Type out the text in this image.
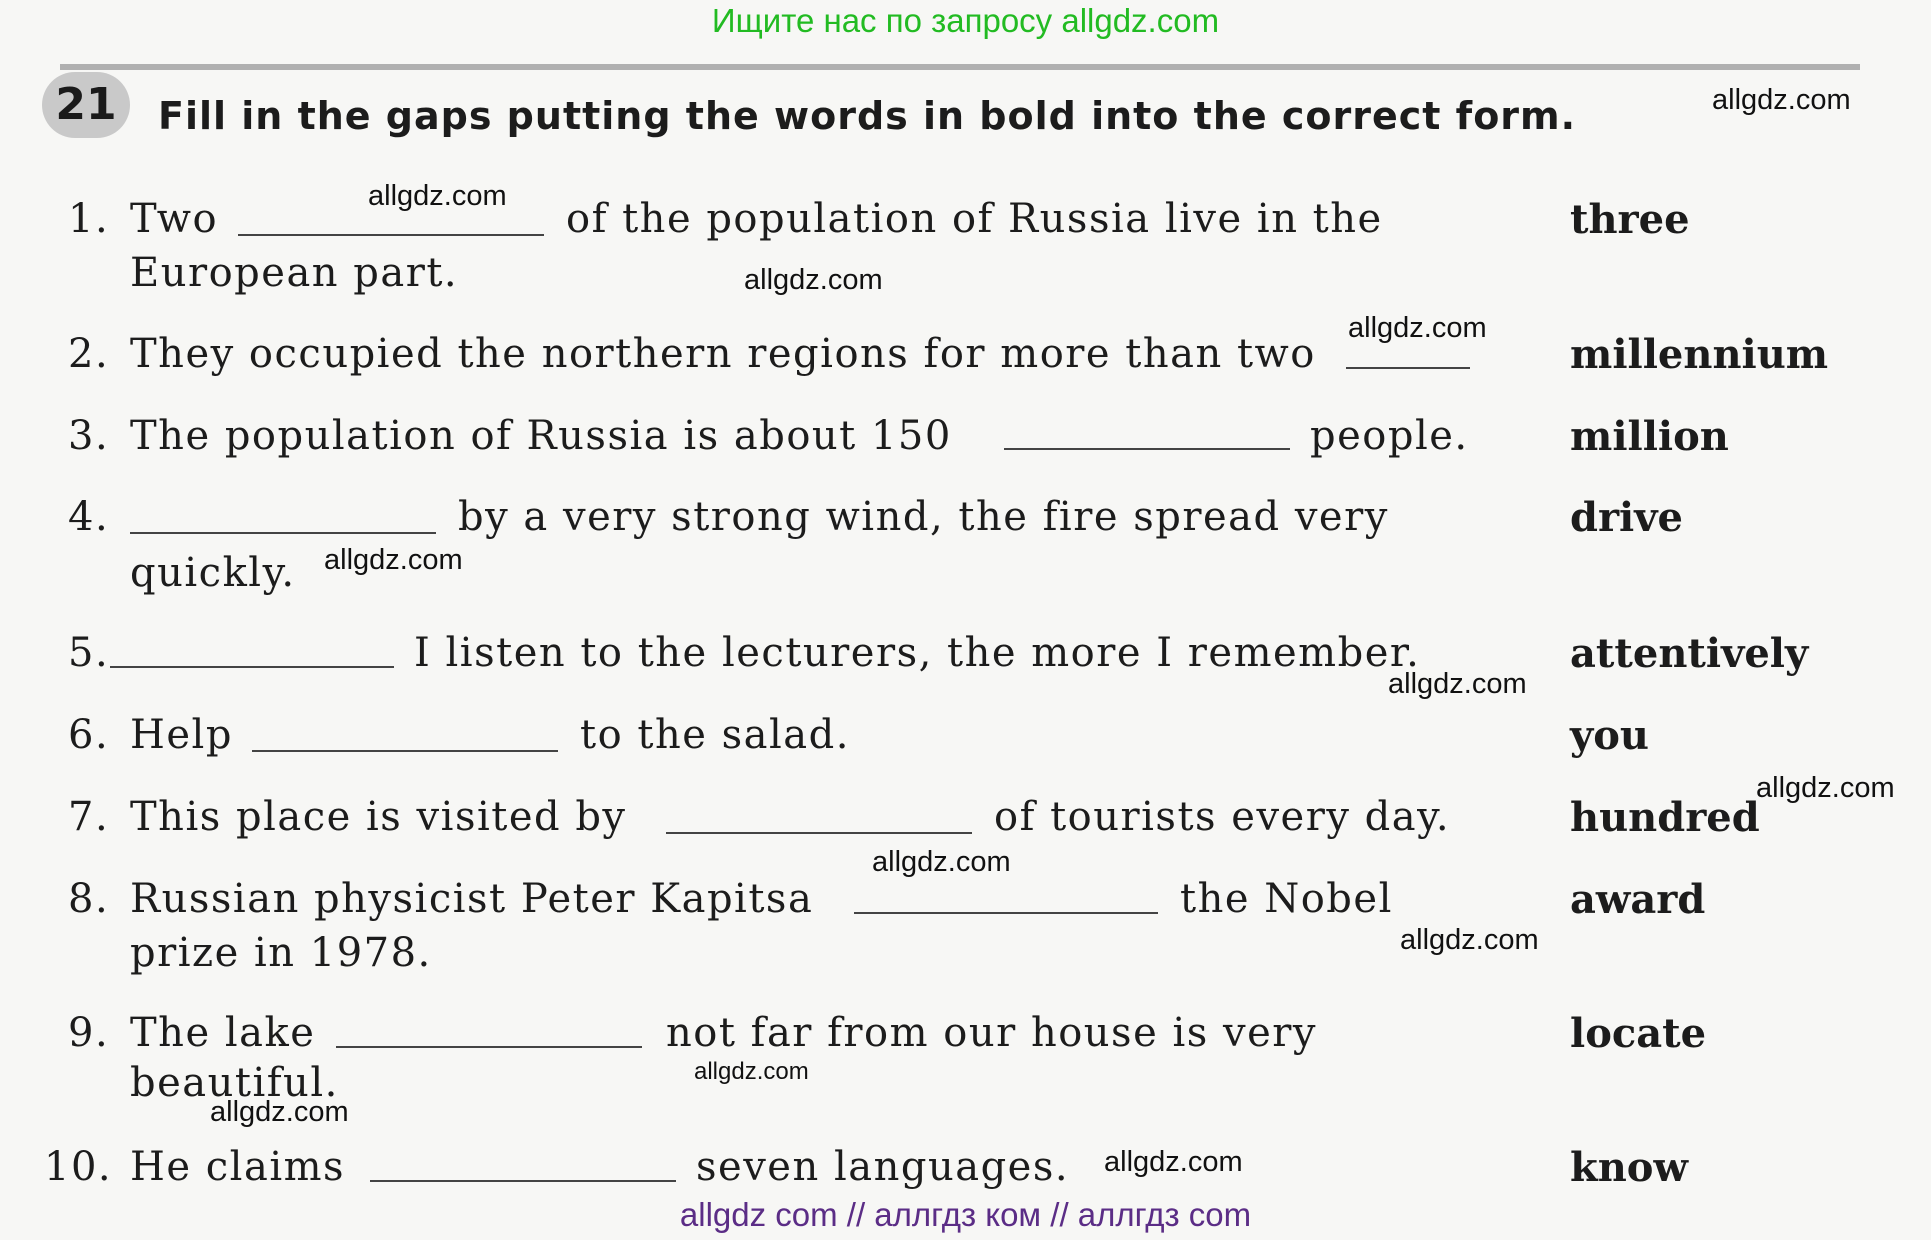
Ищите нас по запросу allgdz.com
21	Fill in the gaps putting the words in bold into the correct form.
1. Two	of the population of Russia live in the
European part.
three
2. They occupied the northern regions for more than two	millennium
3. The population of Russia is about 150	people.	million
4.	by a very strong wind, the fire spread very
quickly.
drive
5.	I listen to the lecturers, the more I remember.	attentively
6. Help	to the salad.	you
7. This place is visited by	of tourists every day.	hundred
8. Russian physicist Peter Kapitsa	the Nobel
prize in 1978.
award
9. The lake	not far from our house is very
beautiful.
locate
10. He claims	seven languages.	know
allgdz.com
allgdz.com
allgdz.com
allgdz.com
allgdz.com
allgdz.com
allgdz.com
allgdz.com
allgdz.com
allgdz.com
allgdz.com
allgdz.com
allgdz com // аллгдз ком // аллгдз com
